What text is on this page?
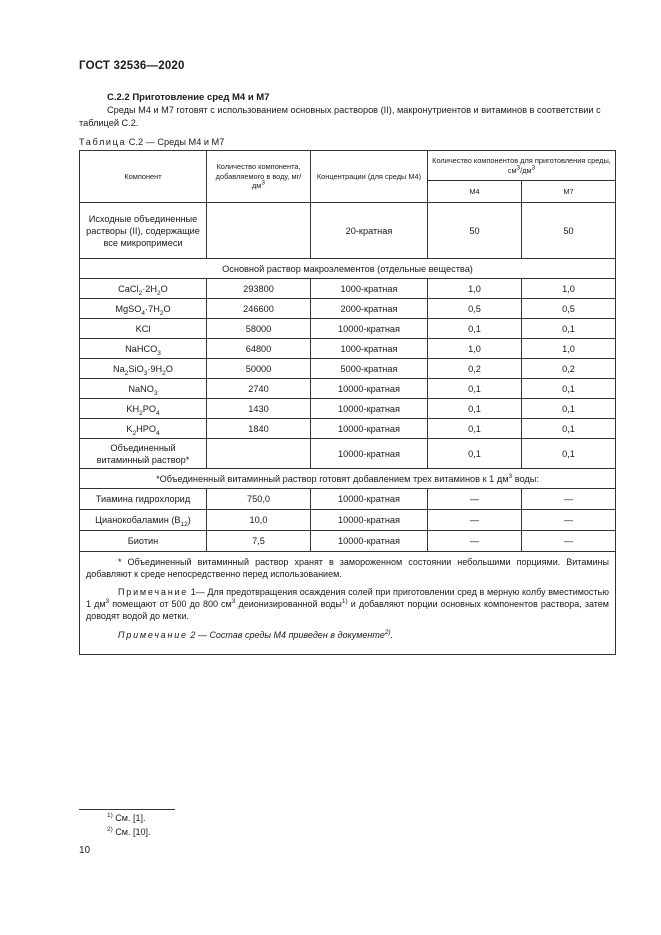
ГОСТ 32536—2020
С.2.2 Приготовление сред М4 и М7
Среды М4 и М7 готовят с использованием основных растворов (II), макронутриентов и витаминов в соответствии с таблицей С.2.
Таблица С.2 — Среды М4 и М7
Компонент	Количество компонента, добавляемого в воду, $мг/дм^3$	Концентрации (для среды М4)	Количество компонентов для приготовления среды, $см^3/дм^3$
			М4	М7
Исходные объединенные растворы (II), содержащие все микропримеси		20-кратная	50	50
Основной раствор макроэлементов (отдельные вещества)				
$CaCl_2\cdot 2H_2O$	293800	1000-кратная	1,0	1,0
$MgSO_4\cdot 7H_2O$	246600	2000-кратная	0,5	0,5
KCl	58000	10000-кратная	0,1	0,1
NaHCO$_3$	64800	1000-кратная	1,0	1,0
$Na_2SiO_3\cdot 9H_2O$	50000	5000-кратная	0,2	0,2
NaNO$_3$	2740	10000-кратная	0,1	0,1
$KH_2PO_4$	1430	10000-кратная	0,1	0,1
$K_2HPO_4$	1840	10000-кратная	0,1	0,1
Объединенный витаминный раствор*		10000-кратная	0,1	0,1
*Объединенный витаминный раствор готовят добавлением трех витаминов к 1 $дм^3$ воды:				
Тиамина гидрохлорид	750,0	10000-кратная	—	—
Цианокобаламин $(B_{12})$	10,0	10000-кратная	—	—
Биотин	7,5	10000-кратная	—	—

* Объединенный витаминный раствор хранят в замороженном состоянии небольшими порциями. Витамины добавляют к среде непосредственно перед использованием.
Примечание 1— Для предотвращения осаждения солей при приготовлении сред в мерную колбу вместимостью 1 $дм^3$ помещают от 500 до 800 $см^3$ деионизированной воды$^{1)}$ и добавляют порции основных компонентов раствора, затем доводят водой до метки.
Примечание 2 — Состав среды М4 приведен в документе$^{2)}$.				
$^{1)}$ См. [1].
$^{2)}$ См. [10].
10
